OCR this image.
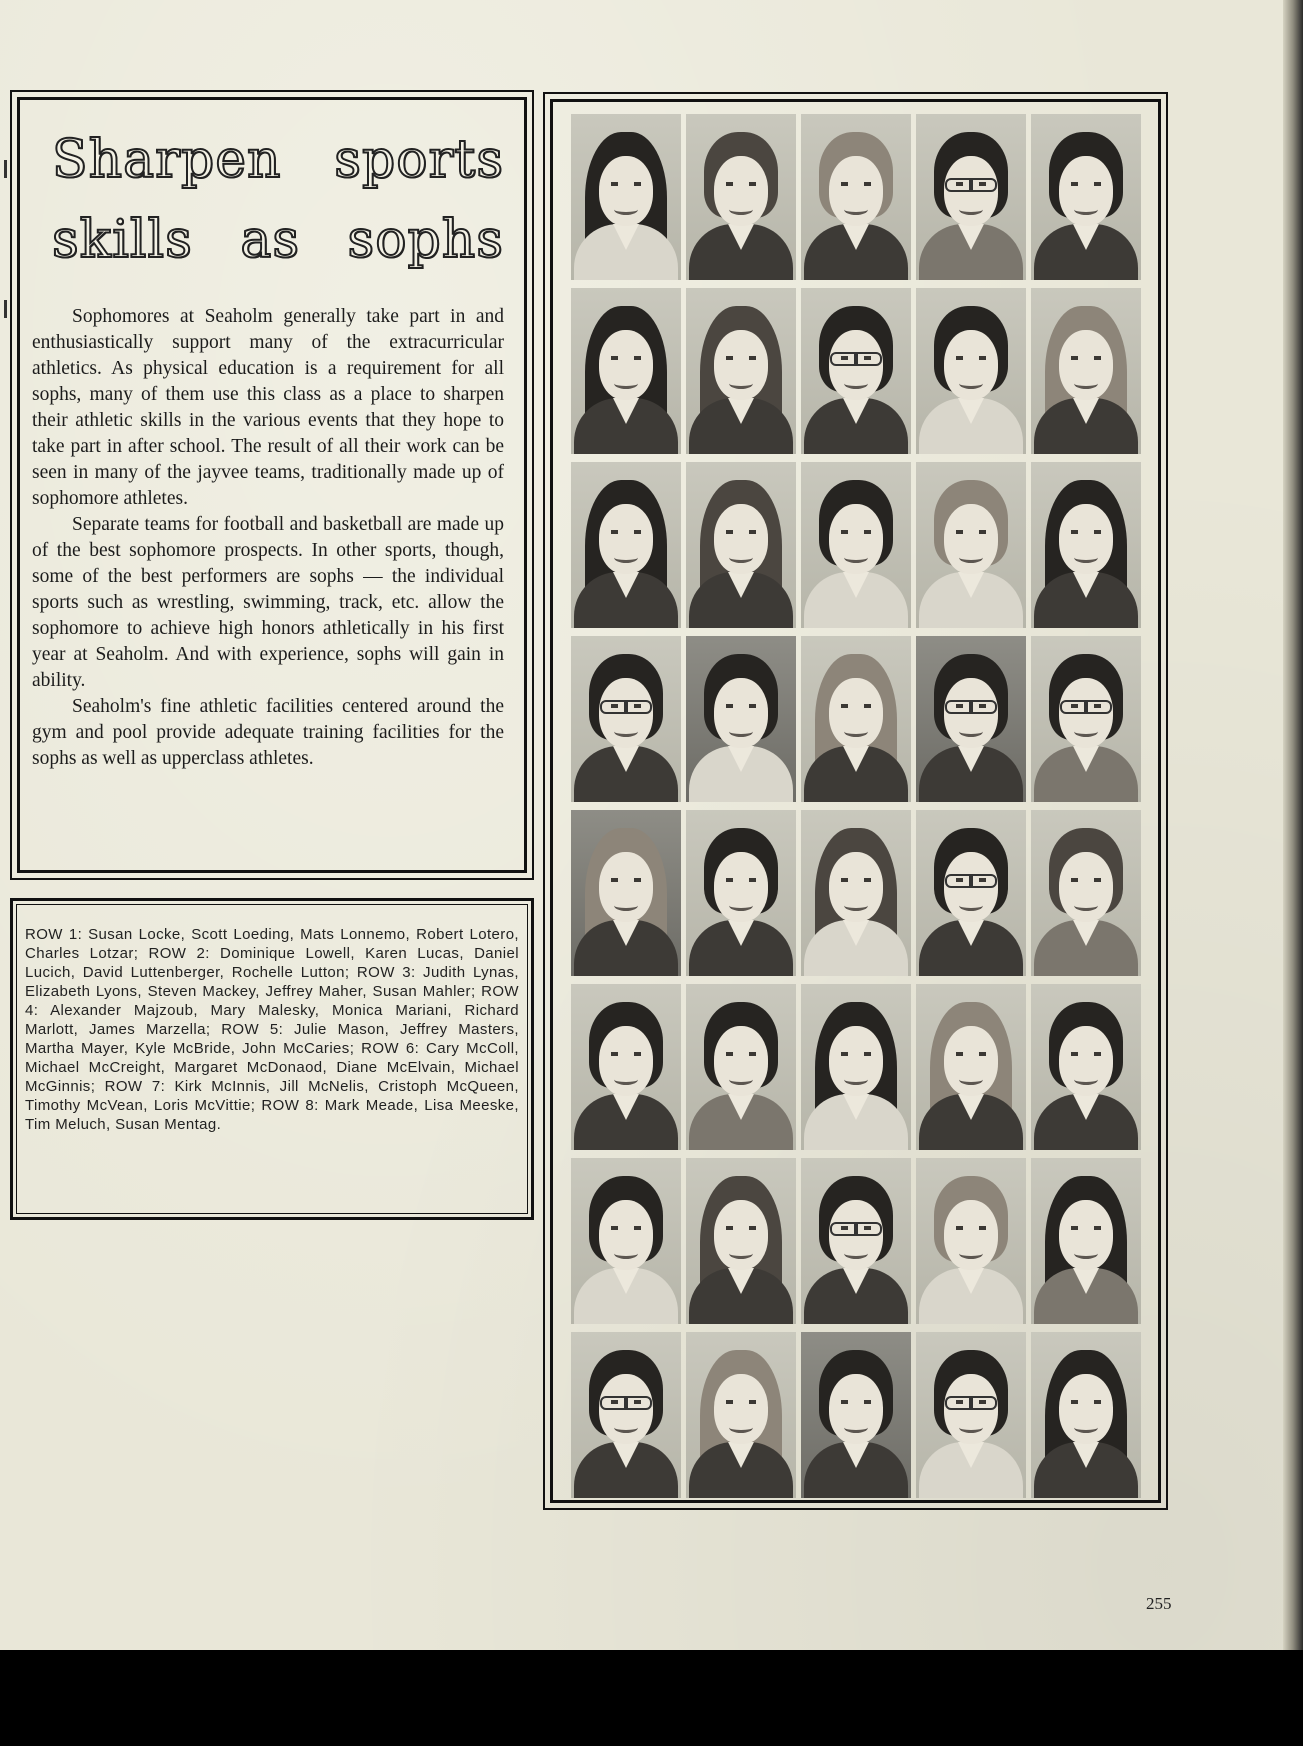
Sharpen sports
skills as sophs

Sophomores at Seaholm generally take part in and enthusiastically support many of the extracurricular athletics. As physical education is a requirement for all sophs, many of them use this class as a place to sharpen their athletic skills in the various events that they hope to take part in after school. The result of all their work can be seen in many of the jayvee teams, traditionally made up of sophomore athletes.

Separate teams for football and basketball are made up of the best sophomore prospects. In other sports, though, some of the best performers are sophs — the individual sports such as wrestling, swimming, track, etc. allow the sophomore to achieve high honors athletically in his first year at Seaholm. And with experience, sophs will gain in ability.

Seaholm's fine athletic facilities centered around the gym and pool provide adequate training facilities for the sophs as well as upperclass athletes.

ROW 1: Susan Locke, Scott Loeding, Mats Lonnemo, Robert Lotero, Charles Lotzar; ROW 2: Dominique Lowell, Karen Lucas, Daniel Lucich, David Luttenberger, Rochelle Lutton; ROW 3: Judith Lynas, Elizabeth Lyons, Steven Mackey, Jeffrey Maher, Susan Mahler; ROW 4: Alexander Majzoub, Mary Malesky, Monica Mariani, Richard Marlott, James Marzella; ROW 5: Julie Mason, Jeffrey Masters, Martha Mayer, Kyle McBride, John McCaries; ROW 6: Cary McColl, Michael McCreight, Margaret McDonaod, Diane McElvain, Michael McGinnis; ROW 7: Kirk McInnis, Jill McNelis, Cristoph McQueen, Timothy McVean, Loris McVittie; ROW 8: Mark Meade, Lisa Meeske, Tim Meluch, Susan Mentag.
255
